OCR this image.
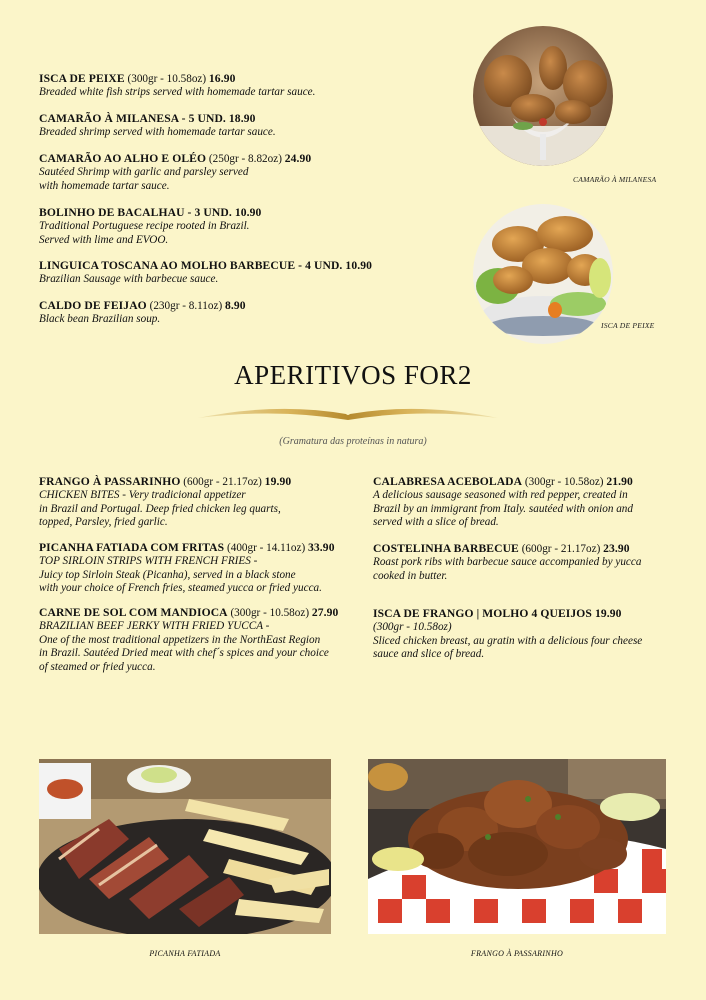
ISCA DE PEIXE (300gr - 10.58oz) 16.90
Breaded white fish strips served with homemade tartar sauce.
CAMARÃO À MILANESA - 5 UND. 18.90
Breaded shrimp served with homemade tartar sauce.
CAMARÃO AO ALHO E OLÉO (250gr - 8.82oz) 24.90
Sautéed Shrimp with garlic and parsley served
with homemade tartar sauce.
BOLINHO DE BACALHAU - 3 UND. 10.90
Traditional Portuguese recipe rooted in Brazil.
Served with lime and EVOO.
LINGUICA TOSCANA AO MOLHO BARBECUE - 4 UND. 10.90
Brazilian Sausage with barbecue sauce.
CALDO DE FEIJAO (230gr - 8.11oz) 8.90
Black bean Brazilian soup.
CAMARÃO À MILANESA
ISCA DE PEIXE
APERITIVOS FOR2
(Gramatura das proteínas in natura)
FRANGO À PASSARINHO (600gr - 21.17oz) 19.90
CHICKEN BITES - Very tradicional appetizer
in Brazil and Portugal. Deep fried chicken leg quarts,
topped, Parsley, fried garlic.
PICANHA FATIADA COM FRITAS (400gr - 14.11oz) 33.90
TOP SIRLOIN STRIPS WITH FRENCH FRIES -
Juicy top Sirloin Steak (Picanha), served in a black stone
with your choice of French fries, steamed yucca or fried yucca.
CARNE DE SOL COM MANDIOCA (300gr - 10.58oz) 27.90
BRAZILIAN BEEF JERKY WITH FRIED YUCCA -
One of the most traditional appetizers in the NorthEast Region
in Brazil. Sautéed Dried meat with chef´s spices and your choice
of steamed or fried yucca.
CALABRESA ACEBOLADA (300gr - 10.58oz) 21.90
A delicious sausage seasoned with red pepper, created in
Brazil by an immigrant from Italy. sautéed with onion and
served with a slice of bread.
COSTELINHA BARBECUE (600gr - 21.17oz) 23.90
Roast pork ribs with barbecue sauce accompanied by yucca
cooked in butter.
ISCA DE FRANGO | MOLHO 4 QUEIJOS 19.90
(300gr - 10.58oz)
Sliced chicken breast, au gratin with a delicious four cheese
sauce and slice of bread.
PICANHA FATIADA	FRANGO À PASSARINHO
